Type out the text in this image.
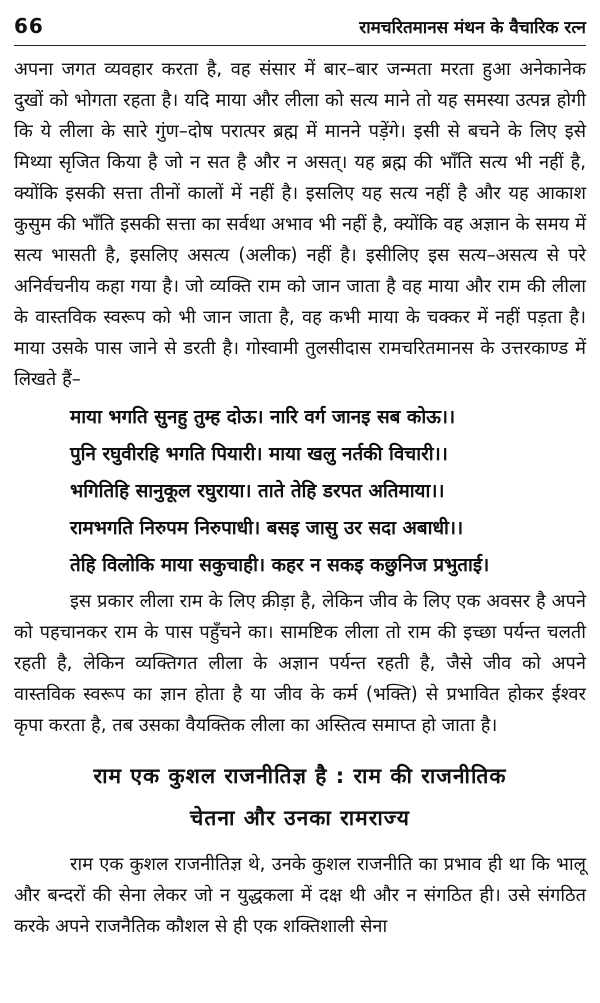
66	रामचरितमानस मंथन के वैचारिक रत्न

अपना जगत व्यवहार करता है, वह संसार में बार–बार जन्मता मरता हुआ अनेकानेक दुखों को भोगता रहता है। यदि माया और लीला को सत्य माने तो यह समस्या उत्पन्न होगी कि ये लीला के सारे गुंण–दोष परात्पर ब्रह्म में मानने पड़ेंगे। इसी से बचने के लिए इसे मिथ्या सृजित किया है जो न सत है और न असत्। यह ब्रह्म की भाँति सत्य भी नहीं है, क्योंकि इसकी सत्ता तीनों कालों में नहीं है। इसलिए यह सत्य नहीं है और यह आकाश कुसुम की भाँति इसकी सत्ता का सर्वथा अभाव भी नहीं है, क्योंकि वह अज्ञान के समय में सत्य भासती है, इसलिए असत्य (अलीक) नहीं है। इसीलिए इस सत्य–असत्य से परे अनिर्वचनीय कहा गया है। जो व्यक्ति राम को जान जाता है वह माया और राम की लीला के वास्तविक स्वरूप को भी जान जाता है, वह कभी माया के चक्कर में नहीं पड़ता है। माया उसके पास जाने से डरती है। गोस्वामी तुलसीदास रामचरितमानस के उत्तरकाण्ड में लिखते हैं–

माया भगति सुनहु तुम्ह दोऊ। नारि वर्ग जानइ सब कोऊ।।
पुनि रघुवीरहि भगति पियारी। माया खलु नर्तकी विचारी।।
भगितिहि सानुकूल रघुराया। ताते तेहि डरपत अतिमाया।।
रामभगति निरुपम निरुपाधी। बसइ जासु उर सदा अबाधी।।
तेहि विलोकि माया सकुचाही। कहर न सकइ कछुनिज प्रभुताई।

इस प्रकार लीला राम के लिए क्रीड़ा है, लेकिन जीव के लिए एक अवसर है अपने को पहचानकर राम के पास पहुँचने का। सामष्टिक लीला तो राम की इच्छा पर्यन्त चलती रहती है, लेकिन व्यक्तिगत लीला के अज्ञान पर्यन्त रहती है, जैसे जीव को अपने वास्तविक स्वरूप का ज्ञान होता है या जीव के कर्म (भक्ति) से प्रभावित होकर ईश्वर कृपा करता है, तब उसका वैयक्तिक लीला का अस्तित्व समाप्त हो जाता है।

राम एक कुशल राजनीतिज्ञ है : राम की राजनीतिक
चेतना और उनका रामराज्य

राम एक कुशल राजनीतिज्ञ थे, उनके कुशल राजनीति का प्रभाव ही था कि भालू और बन्दरों की सेना लेकर जो न युद्धकला में दक्ष थी और न संगठित ही। उसे संगठित करके अपने राजनैतिक कौशल से ही एक शक्तिशाली सेना
